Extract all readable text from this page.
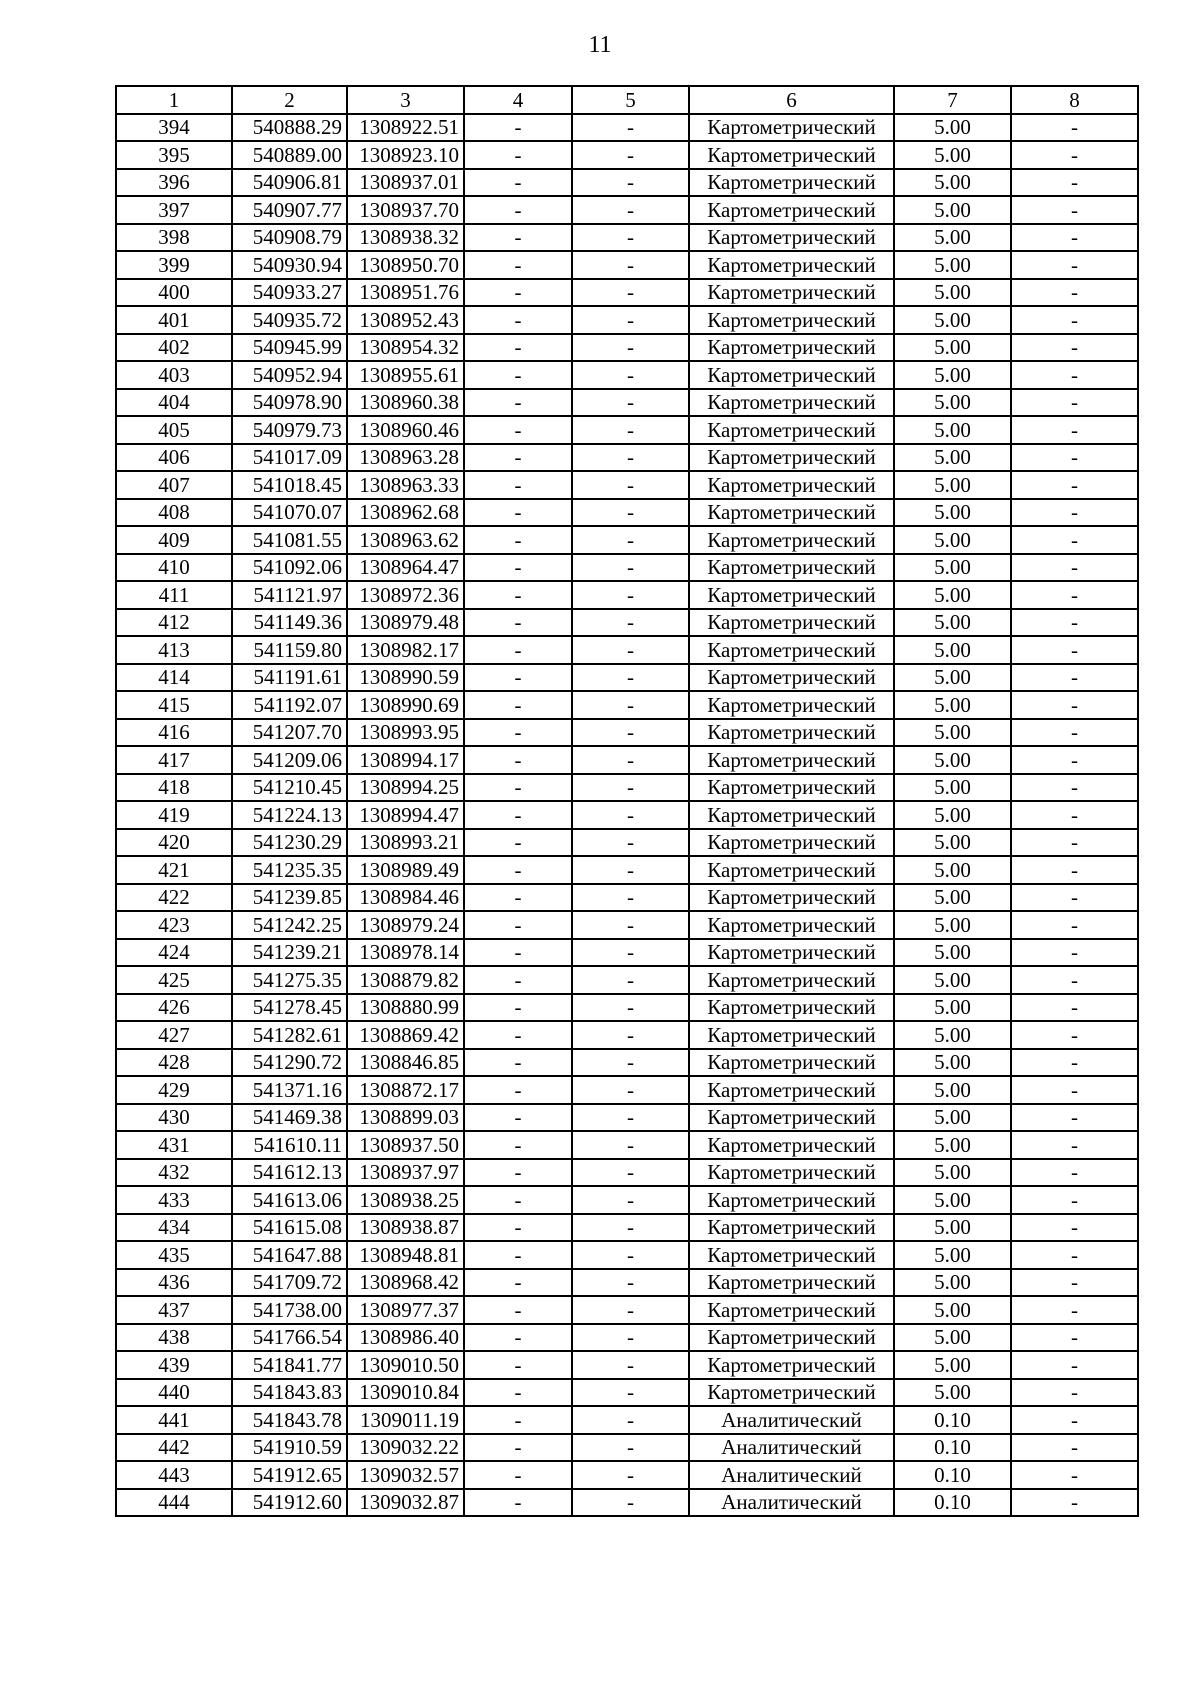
11
1	2	3	4	5	6	7	8
394	540888.29	1308922.51	-	-	Картометрический	5.00	-
395	540889.00	1308923.10	-	-	Картометрический	5.00	-
396	540906.81	1308937.01	-	-	Картометрический	5.00	-
397	540907.77	1308937.70	-	-	Картометрический	5.00	-
398	540908.79	1308938.32	-	-	Картометрический	5.00	-
399	540930.94	1308950.70	-	-	Картометрический	5.00	-
400	540933.27	1308951.76	-	-	Картометрический	5.00	-
401	540935.72	1308952.43	-	-	Картометрический	5.00	-
402	540945.99	1308954.32	-	-	Картометрический	5.00	-
403	540952.94	1308955.61	-	-	Картометрический	5.00	-
404	540978.90	1308960.38	-	-	Картометрический	5.00	-
405	540979.73	1308960.46	-	-	Картометрический	5.00	-
406	541017.09	1308963.28	-	-	Картометрический	5.00	-
407	541018.45	1308963.33	-	-	Картометрический	5.00	-
408	541070.07	1308962.68	-	-	Картометрический	5.00	-
409	541081.55	1308963.62	-	-	Картометрический	5.00	-
410	541092.06	1308964.47	-	-	Картометрический	5.00	-
411	541121.97	1308972.36	-	-	Картометрический	5.00	-
412	541149.36	1308979.48	-	-	Картометрический	5.00	-
413	541159.80	1308982.17	-	-	Картометрический	5.00	-
414	541191.61	1308990.59	-	-	Картометрический	5.00	-
415	541192.07	1308990.69	-	-	Картометрический	5.00	-
416	541207.70	1308993.95	-	-	Картометрический	5.00	-
417	541209.06	1308994.17	-	-	Картометрический	5.00	-
418	541210.45	1308994.25	-	-	Картометрический	5.00	-
419	541224.13	1308994.47	-	-	Картометрический	5.00	-
420	541230.29	1308993.21	-	-	Картометрический	5.00	-
421	541235.35	1308989.49	-	-	Картометрический	5.00	-
422	541239.85	1308984.46	-	-	Картометрический	5.00	-
423	541242.25	1308979.24	-	-	Картометрический	5.00	-
424	541239.21	1308978.14	-	-	Картометрический	5.00	-
425	541275.35	1308879.82	-	-	Картометрический	5.00	-
426	541278.45	1308880.99	-	-	Картометрический	5.00	-
427	541282.61	1308869.42	-	-	Картометрический	5.00	-
428	541290.72	1308846.85	-	-	Картометрический	5.00	-
429	541371.16	1308872.17	-	-	Картометрический	5.00	-
430	541469.38	1308899.03	-	-	Картометрический	5.00	-
431	541610.11	1308937.50	-	-	Картометрический	5.00	-
432	541612.13	1308937.97	-	-	Картометрический	5.00	-
433	541613.06	1308938.25	-	-	Картометрический	5.00	-
434	541615.08	1308938.87	-	-	Картометрический	5.00	-
435	541647.88	1308948.81	-	-	Картометрический	5.00	-
436	541709.72	1308968.42	-	-	Картометрический	5.00	-
437	541738.00	1308977.37	-	-	Картометрический	5.00	-
438	541766.54	1308986.40	-	-	Картометрический	5.00	-
439	541841.77	1309010.50	-	-	Картометрический	5.00	-
440	541843.83	1309010.84	-	-	Картометрический	5.00	-
441	541843.78	1309011.19	-	-	Аналитический	0.10	-
442	541910.59	1309032.22	-	-	Аналитический	0.10	-
443	541912.65	1309032.57	-	-	Аналитический	0.10	-
444	541912.60	1309032.87	-	-	Аналитический	0.10	-
